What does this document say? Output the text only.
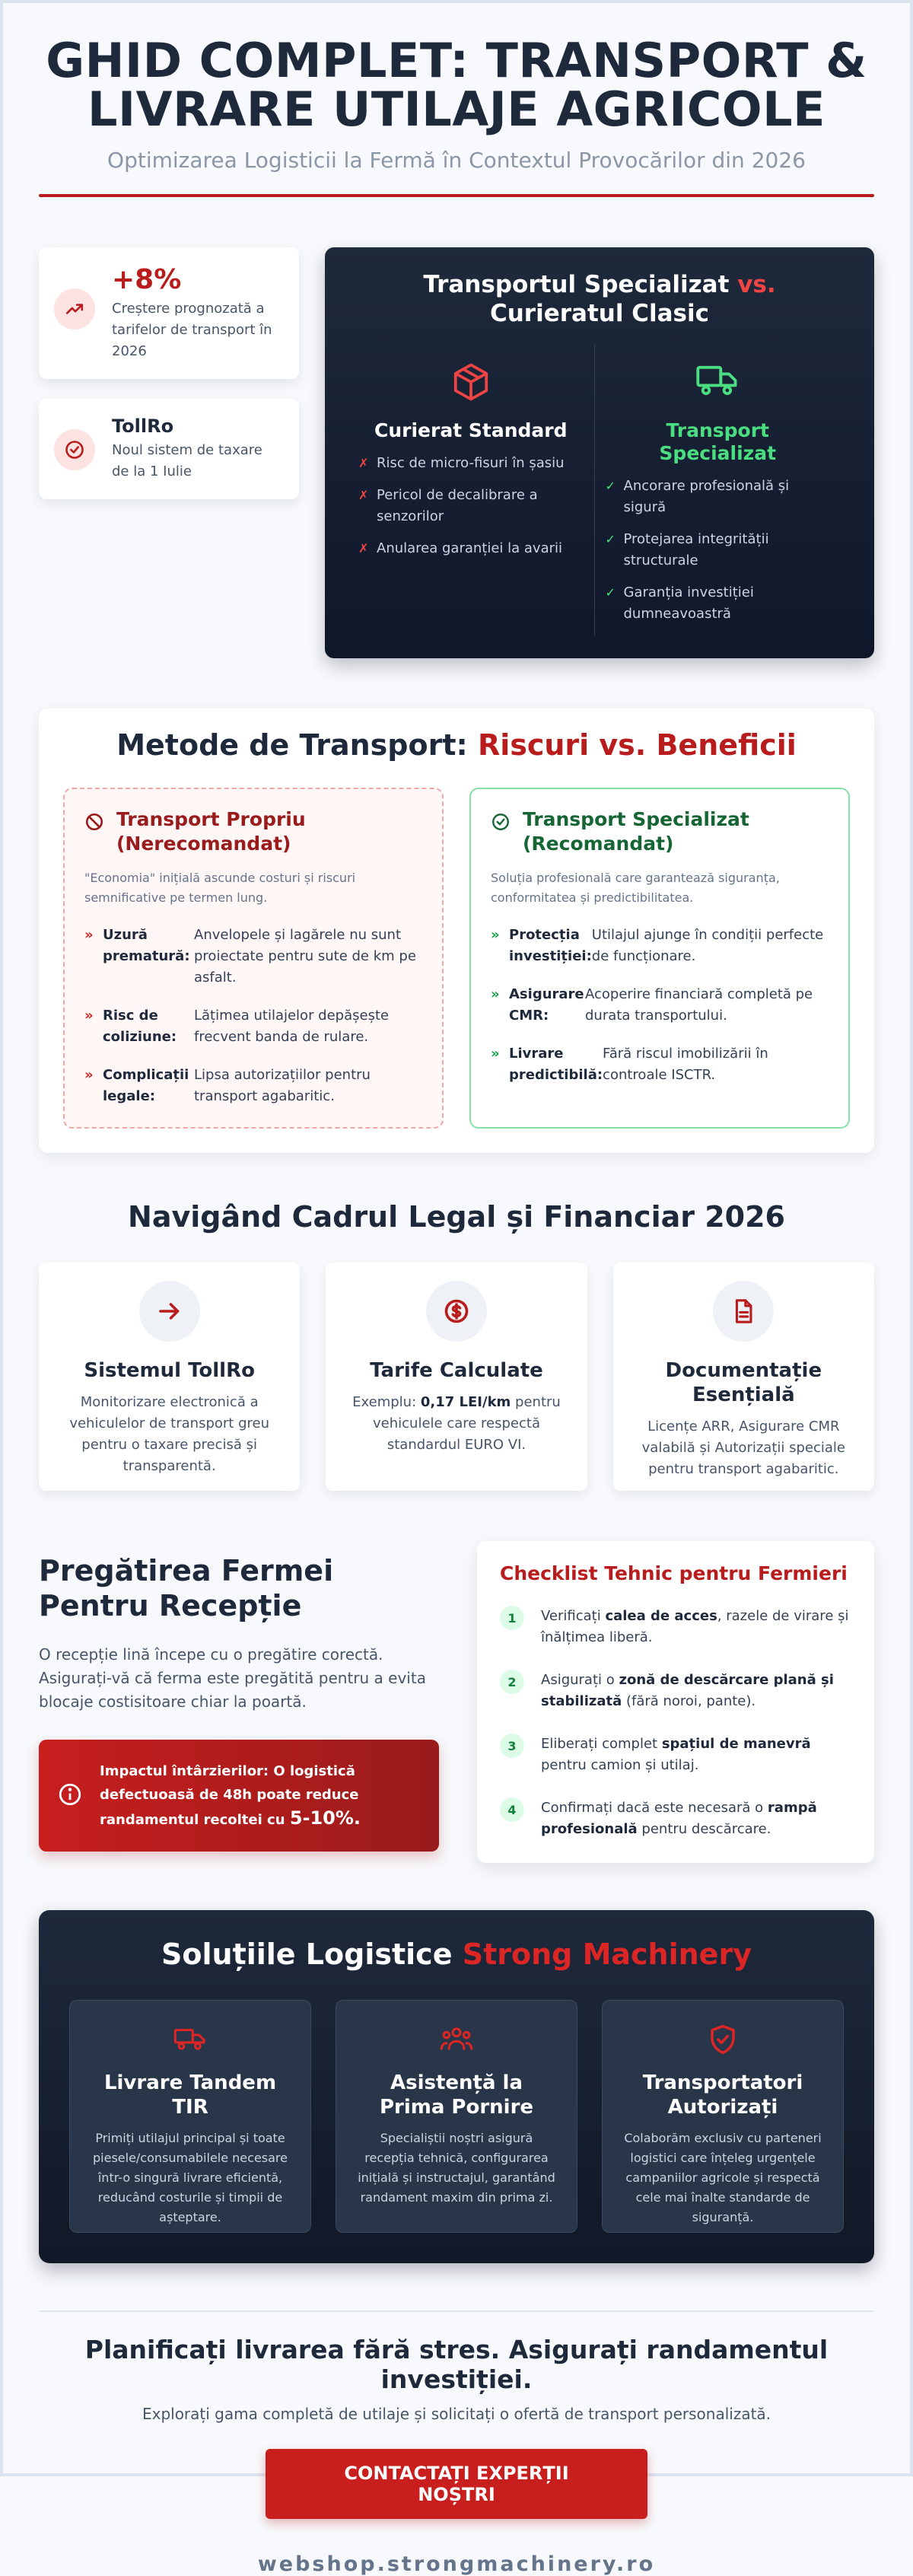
GHID COMPLET: TRANSPORT &
LIVRARE UTILAJE AGRICOLE
Optimizarea Logisticii la Fermă în Contextul Provocărilor din 2026
+8%
Creștere prognozată a tarifelor de transport în 2026
TollRo
Noul sistem de taxare de la 1 Iulie
Transportul Specializat vs. Curieratul Clasic
Curierat Standard
✗ Risc de micro-fisuri în șasiu
✗ Pericol de decalibrare a senzorilor
✗ Anularea garanției la avarii
Transport Specializat
✓ Ancorare profesională și sigură
✓ Protejarea integrității structurale
✓ Garanția investiției dumneavoastră
Metode de Transport: Riscuri vs. Beneficii
Transport Propriu (Nerecomandat)
"Economia" inițială ascunde costuri și riscuri semnificative pe termen lung.
» Uzură prematură:
Anvelopele și lagărele nu sunt proiectate pentru sute de km pe asfalt.
» Risc de coliziune:
Lățimea utilajelor depășește frecvent banda de rulare.
» Complicații legale:
Lipsa autorizațiilor pentru transport agabaritic.
Transport Specializat (Recomandat)
Soluția profesională care garantează siguranța, conformitatea și predictibilitatea.
» Protecția investiției:
Utilajul ajunge în condiții perfecte de funcționare.
» Asigurare CMR:
Acoperire financiară completă pe durata transportului.
» Livrare predictibilă:
Fără riscul imobilizării în controale ISCTR.
Navigând Cadrul Legal și Financiar 2026
Sistemul TollRo

Monitorizare electronică a vehiculelor de transport greu pentru o taxare precisă și transparentă.

Tarife Calculate

Exemplu: 0,17 LEI/km pentru vehiculele care respectă standardul EURO VI.

Documentație Esențială

Licențe ARR, Asigurare CMR valabilă și Autorizații speciale pentru transport agabaritic.

Pregătirea Fermei Pentru Recepție

O recepție lină începe cu o pregătire corectă. Asigurați-vă că ferma este pregătită pentru a evita blocaje costisitoare chiar la poartă.

Impactul întârzierilor: O logistică defectuoasă de 48h poate reduce randamentul recoltei cu 5-10%.
Checklist Tehnic pentru Fermieri
1	Verificați calea de acces, razele de virare și înălțimea liberă.
2	Asigurați o zonă de descărcare plană și stabilizată (fără noroi, pante).
3	Eliberați complet spațiul de manevră pentru camion și utilaj.
4	Confirmați dacă este necesară o rampă profesională pentru descărcare.
Soluțiile Logistice Strong Machinery
Livrare Tandem TIR

Primiți utilajul principal și toate piesele/consumabilele necesare într-o singură livrare eficientă, reducând costurile și timpii de așteptare.

Asistență la Prima Pornire

Specialiștii noștri asigură recepția tehnică, configurarea inițială și instructajul, garantând randament maxim din prima zi.

Transportatori Autorizați

Colaborăm exclusiv cu parteneri logistici care înțeleg urgențele campaniilor agricole și respectă cele mai înalte standarde de siguranță.

Planificați livrarea fără stres. Asigurați randamentul investiției.
Explorați gama completă de utilaje și solicitați o ofertă de transport personalizată.
CONTACTAȚI EXPERȚII NOȘTRI
webshop.strongmachinery.ro
